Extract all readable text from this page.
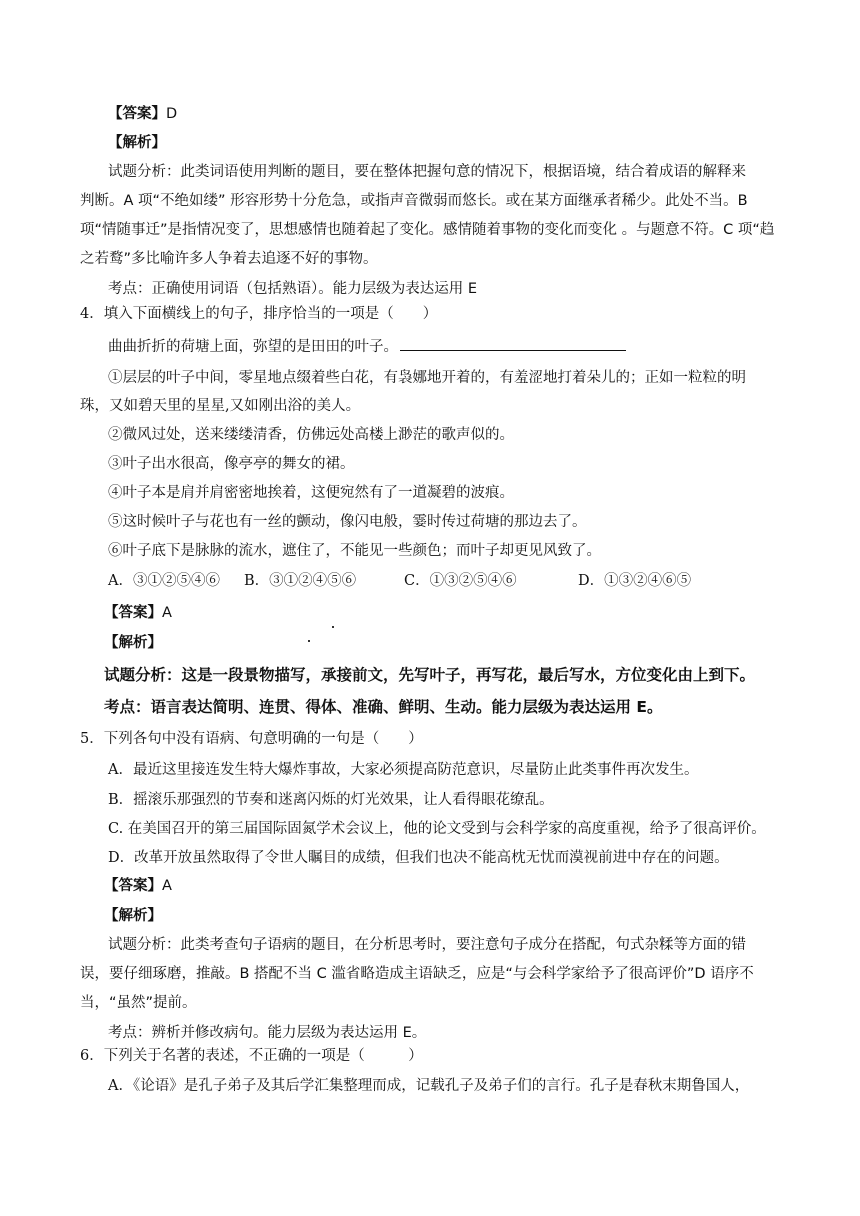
【答案】D
【解析】
试题分析：此类词语使用判断的题目，要在整体把握句意的情况下，根据语境，结合着成语的解释来
判断。A 项“不绝如缕” 形容形势十分危急，或指声音微弱而悠长。或在某方面继承者稀少。此处不当。B
项“情随事迁”是指情况变了，思想感情也随着起了变化。感情随着事物的变化而变化 。与题意不符。C 项“趋
之若鹜”多比喻许多人争着去追逐不好的事物。
考点：正确使用词语（包括熟语）。能力层级为表达运用 E
4．填入下面横线上的句子，排序恰当的一项是（　　）
曲曲折折的荷塘上面，弥望的是田田的叶子。
①层层的叶子中间，零星地点缀着些白花，有袅娜地开着的，有羞涩地打着朵儿的；正如一粒粒的明
珠，又如碧天里的星星,又如刚出浴的美人。
②微风过处，送来缕缕清香，仿佛远处高楼上渺茫的歌声似的。
③叶子出水很高，像亭亭的舞女的裙。
④叶子本是肩并肩密密地挨着，这便宛然有了一道凝碧的波痕。
⑤这时候叶子与花也有一丝的颤动，像闪电般，霎时传过荷塘的那边去了。
⑥叶子底下是脉脉的流水，遮住了，不能见一些颜色；而叶子却更见风致了。
A．③①②⑤④⑥ B．③①②④⑤⑥	C．①③②⑤④⑥	D．①③②④⑥⑤
【答案】A
【解析】
试题分析：这是一段景物描写，承接前文，先写叶子，再写花，最后写水，方位变化由上到下。
考点：语言表达简明、连贯、得体、准确、鲜明、生动。能力层级为表达运用 E。
5．下列各句中没有语病、句意明确的一句是（　　）
A．最近这里接连发生特大爆炸事故，大家必须提高防范意识，尽量防止此类事件再次发生。
B．摇滚乐那强烈的节奏和迷离闪烁的灯光效果，让人看得眼花缭乱。
C. 在美国召开的第三届国际固氮学术会议上，他的论文受到与会科学家的高度重视，给予了很高评价。
D．改革开放虽然取得了令世人瞩目的成绩，但我们也决不能高枕无忧而漠视前进中存在的问题。
【答案】A
【解析】
试题分析：此类考查句子语病的题目，在分析思考时，要注意句子成分在搭配，句式杂糅等方面的错
误，要仔细琢磨，推敲。B 搭配不当 C 滥省略造成主语缺乏，应是“与会科学家给予了很高评价”D 语序不
当，“虽然”提前。
考点：辨析并修改病句。能力层级为表达运用 E。
6．下列关于名著的表述，不正确的一项是（　　　）
A．《论语》是孔子弟子及其后学汇集整理而成，记载孔子及弟子们的言行。孔子是春秋末期鲁国人，
